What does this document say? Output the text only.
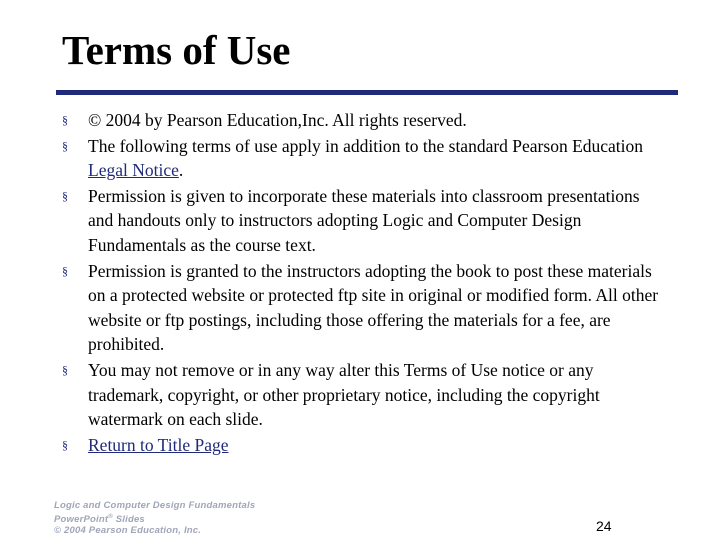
Terms of Use
§ © 2004 by Pearson Education,Inc. All rights reserved.
§ The following terms of use apply in addition to the standard Pearson Education Legal Notice.
§ Permission is given to incorporate these materials into classroom presentations and handouts only to instructors adopting Logic and Computer Design Fundamentals as the course text.
§ Permission is granted to the instructors adopting the book to post these materials on a protected website or protected ftp site in original or modified form. All other website or ftp postings, including those offering the materials for a fee, are prohibited.
§ You may not remove or in any way alter this Terms of Use notice or any trademark, copyright, or other proprietary notice, including the copyright watermark on each slide.
§ Return to Title Page
Logic and Computer Design Fundamentals
PowerPoint® Slides
© 2004 Pearson Education, Inc.	24
